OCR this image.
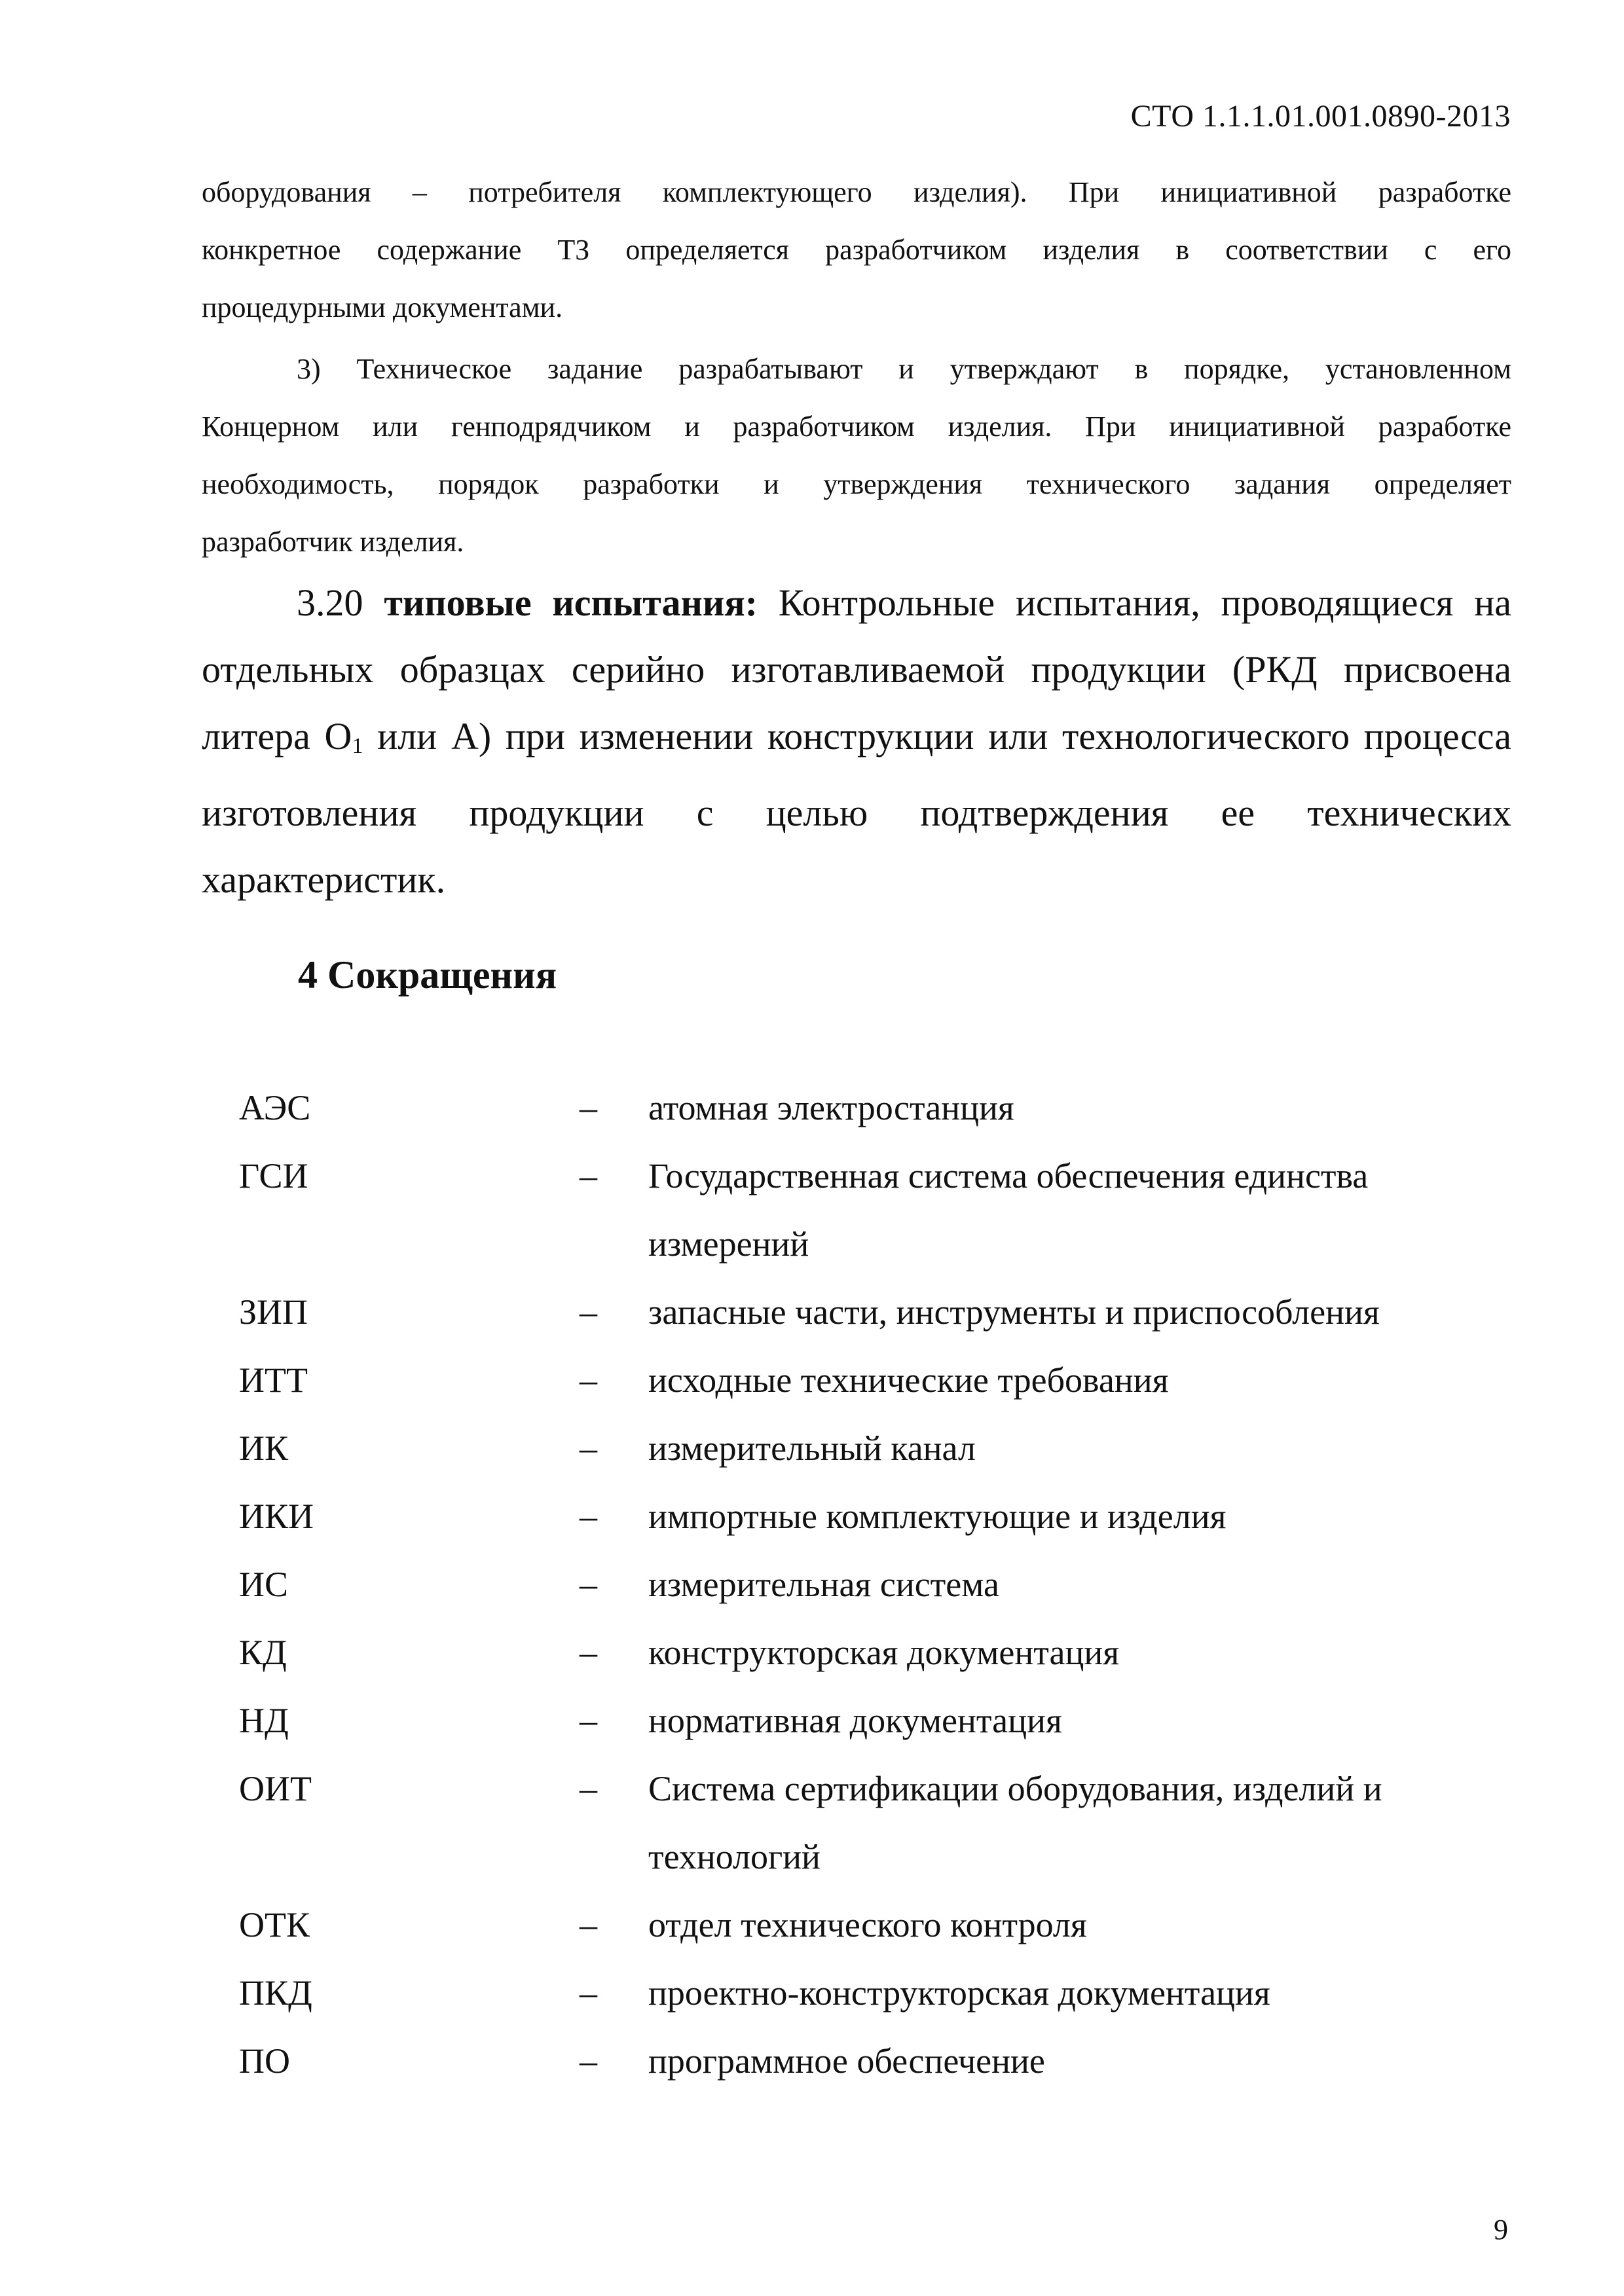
СТО 1.1.1.01.001.0890-2013

оборудования – потребителя комплектующего изделия). При инициативной разработке

конкретное содержание ТЗ определяется разработчиком изделия в соответствии с его

процедурными документами.

3) Техническое задание разрабатывают и утверждают в порядке, установленном

Концерном или генподрядчиком и разработчиком изделия. При инициативной разработке

необходимость, порядок разработки и утверждения технического задания определяет

разработчик изделия.

3.20 типовые испытания: Контрольные испытания, проводящиеся на

отдельных образцах серийно изготавливаемой продукции (РКД присвоена

литера $О_1$ или А) при изменении конструкции или технологического процесса

изготовления продукции с целью подтверждения ее технических

характеристик.

4 Сокращения
АЭС	–	атомная электростанция
ГСИ	–	Государственная система обеспечения единства
измерений
ЗИП	–	запасные части, инструменты и приспособления
ИТТ	–	исходные технические требования
ИК	–	измерительный канал
ИКИ	–	импортные комплектующие и изделия
ИС	–	измерительная система
КД	–	конструкторская документация
НД	–	нормативная документация
ОИТ	–	Система сертификации оборудования, изделий и
технологий
ОТК	–	отдел технического контроля
ПКД	–	проектно-конструкторская документация
ПО	–	программное обеспечение
9
